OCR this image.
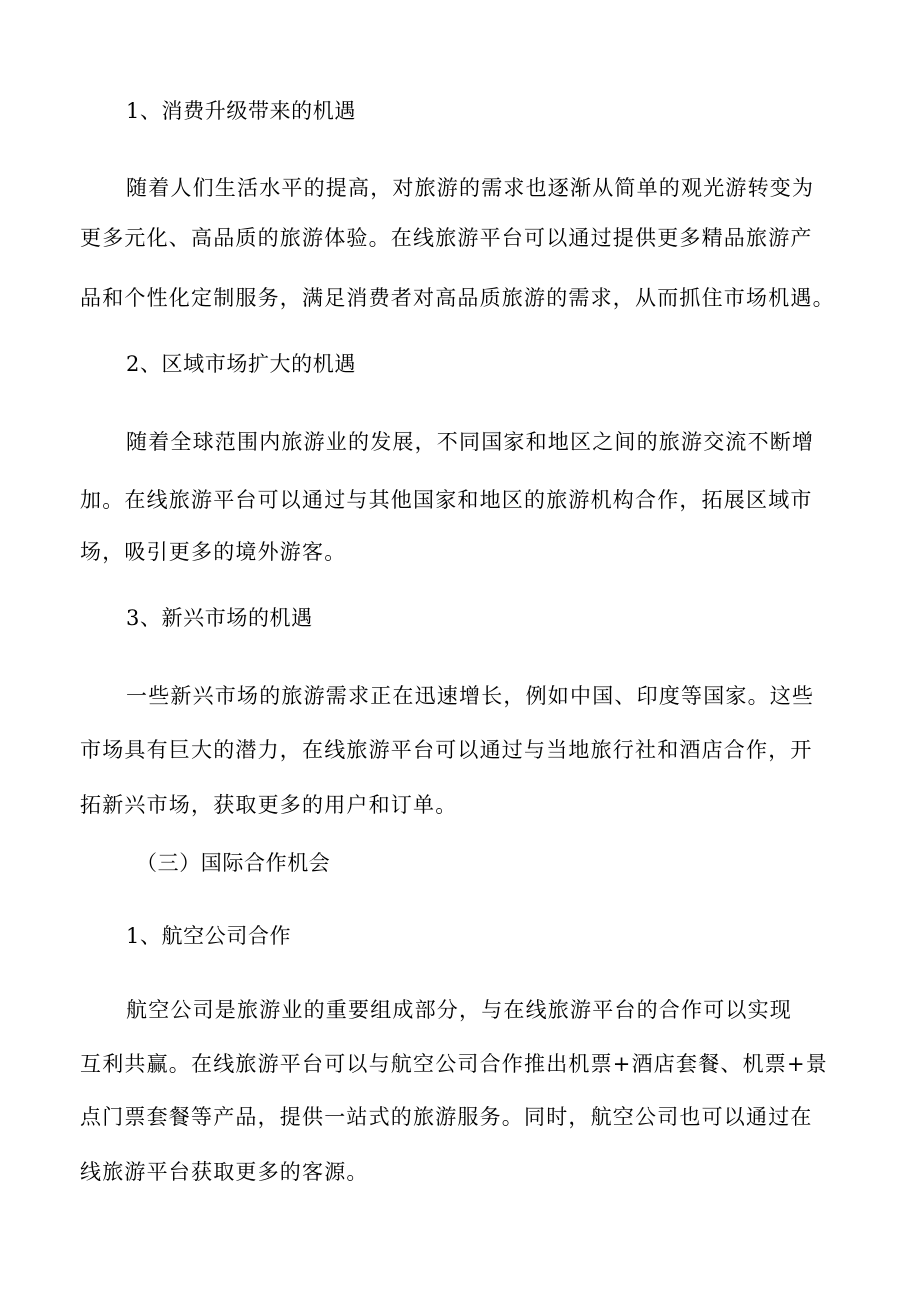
1、消费升级带来的机遇
随着人们生活水平的提高，对旅游的需求也逐渐从简单的观光游转变为
更多元化、高品质的旅游体验。在线旅游平台可以通过提供更多精品旅游产
品和个性化定制服务，满足消费者对高品质旅游的需求，从而抓住市场机遇。
2、区域市场扩大的机遇
随着全球范围内旅游业的发展，不同国家和地区之间的旅游交流不断增
加。在线旅游平台可以通过与其他国家和地区的旅游机构合作，拓展区域市
场，吸引更多的境外游客。
3、新兴市场的机遇
一些新兴市场的旅游需求正在迅速增长，例如中国、印度等国家。这些
市场具有巨大的潜力，在线旅游平台可以通过与当地旅行社和酒店合作，开
拓新兴市场，获取更多的用户和订单。
（三）国际合作机会
1、航空公司合作
航空公司是旅游业的重要组成部分，与在线旅游平台的合作可以实现
互利共赢。在线旅游平台可以与航空公司合作推出机票+酒店套餐、机票+景
点门票套餐等产品，提供一站式的旅游服务。同时，航空公司也可以通过在
线旅游平台获取更多的客源。
